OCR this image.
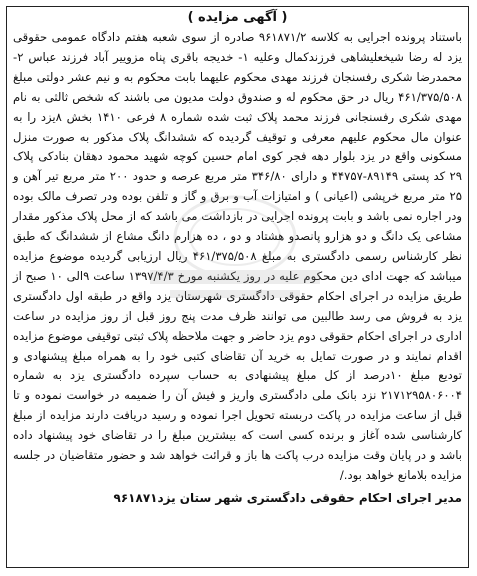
( آگهی مزایده )

باستناد پرونده اجرایی به کلاسه ۹۶۱۸۷۱/۲ صادره از سوی شعبه هفتم دادگاه عمومی حقوقی یزد له رضا شیخعلیشاهی فرزندکمال وعلیه ۱- خدیجه باقری پناه مزوییر آباد فرزند عباس ۲- محمدرضا شکری رفسنجان فرزند مهدی محکوم علیهما بابت محکوم به و نیم عشر دولتی مبلغ ۴۶۱/۳۷۵/۵۰۸ ریال در حق محکوم له و صندوق دولت مدیون می باشند که شخص ثالثی به نام مهدی شکری رفسنجانی فرزند محمد پلاک ثبت شده شماره ۸ فرعی ۱۴۱۰ بخش ۸یزد را به عنوان مال محکوم علیهم معرفی و توقیف گردیده که ششدانگ پلاک مذکور به صورت منزل مسکونی واقع در یزد بلوار دهه فجر کوی امام حسین کوچه شهید محمود دهقان بنادکی پلاک ۲۹ کد پستی ۸۹۱۴۹-۴۴۷۵۷ و دارای ۳۴۶/۸۰ متر مربع عرصه و حدود ۲۰۰ متر مربع تیر آهن و ۲۵ متر مربع خرپشی (اعیانی ) و امتیازات آب و برق و گاز و تلفن بوده ودر تصرف مالک بوده ودر اجاره نمی باشد و بابت پرونده اجرایی در بازداشت می باشد که از محل پلاک مذکور مقدار مشاعی یک دانگ و دو هزارو پانصدو هشتاد و دو ، ده هزارم دانگ مشاع از ششدانگ که طبق نظر کارشناس رسمی دادگستری به مبلغ ۴۶۱/۳۷۵/۵۰۸ ریال ارزیابی گردیده موضوع مزایده میباشد که جهت ادای دین محکوم علیه در روز یکشنبه مورخ ۱۳۹۷/۴/۳ ساعت ۹الی ۱۰ صبح از طریق مزایده در اجرای احکام حقوقی دادگستری شهرستان یزد واقع در طبقه اول دادگستری یزد به فروش می رسد طالبین می توانند ظرف مدت پنج روز قبل از روز مزایده در ساعت اداری در اجرای احکام حقوقی دوم یزد حاضر و جهت ملاحظه پلاک ثبتی توقیفی موضوع مزایده اقدام نمایند و در صورت تمایل به خرید آن تقاضای کتبی خود را به همراه مبلغ پیشنهادی و تودیع مبلغ ۱۰درصد از کل مبلغ پیشنهادی به حساب سپرده دادگستری یزد به شماره ۲۱۷۱۲۹۵۸۰۶۰۰۴ نزد بانک ملی دادگستری واریز و فیش آن را ضمیمه در خواست نموده و تا قبل از ساعت مزایده در پاکت دربسته تحویل اجرا نموده و رسید دریافت دارند مزایده از مبلغ کارشناسی شده آغاز و برنده کسی است که بیشترین مبلغ را در تقاضای خود پیشنهاد داده باشد و در پایان وقت مزایده درب پاکت ها باز و قرائت خواهد شد و حضور متقاضیان در جلسه مزایده بلامانع خواهد بود./

مدیر اجرای احکام حقوقی دادگستری شهر ستان یزد۹۶۱۸۷۱
